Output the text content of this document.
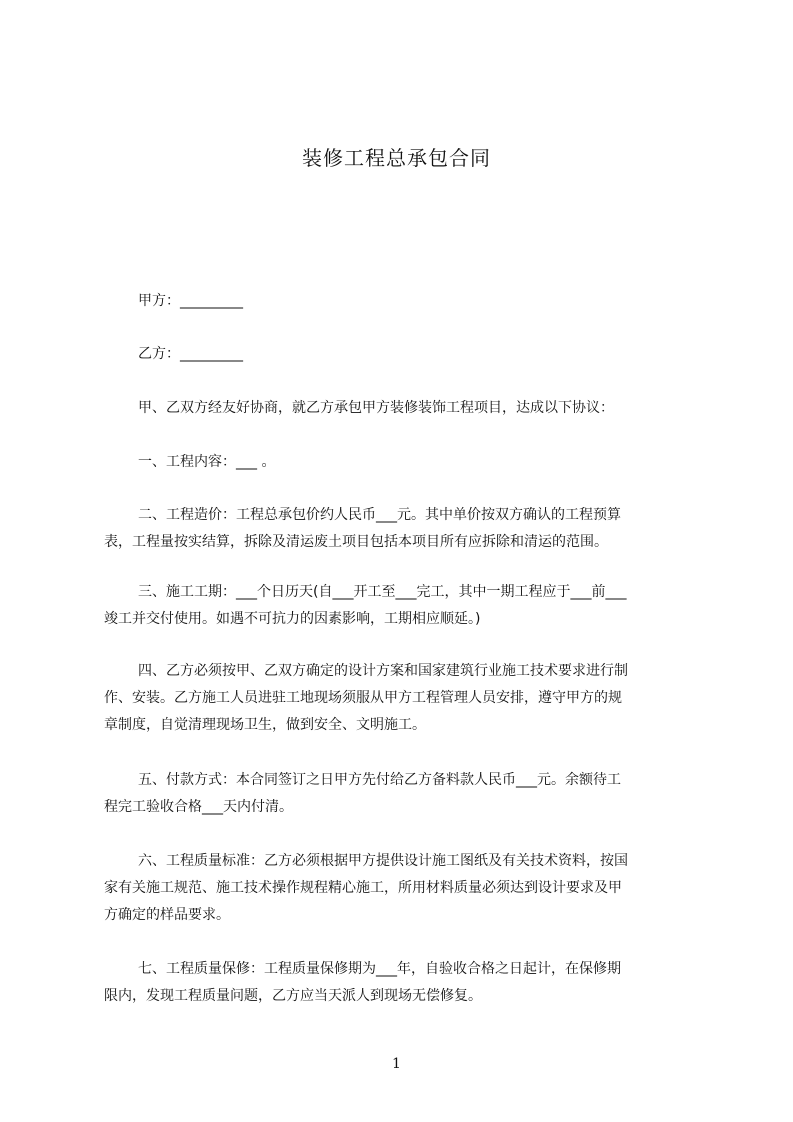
装修工程总承包合同
甲方：_________
乙方：_________
甲、乙双方经友好协商，就乙方承包甲方装修装饰工程项目，达成以下协议：
一、工程内容：___ 。

二、工程造价：工程总承包价约人民币___元。其中单价按双方确认的工程预算

表，工程量按实结算，拆除及清运废土项目包括本项目所有应拆除和清运的范围。

三、施工工期：___个日历天(自___开工至___完工，其中一期工程应于___前___

竣工并交付使用。如遇不可抗力的因素影响，工期相应顺延。)

四、乙方必须按甲、乙双方确定的设计方案和国家建筑行业施工技术要求进行制

作、安装。乙方施工人员进驻工地现场须服从甲方工程管理人员安排，遵守甲方的规

章制度，自觉清理现场卫生，做到安全、文明施工。

五、付款方式：本合同签订之日甲方先付给乙方备料款人民币___元。余额待工

程完工验收合格___天内付清。

六、工程质量标准：乙方必须根据甲方提供设计施工图纸及有关技术资料，按国

家有关施工规范、施工技术操作规程精心施工，所用材料质量必须达到设计要求及甲

方确定的样品要求。

七、工程质量保修：工程质量保修期为___年，自验收合格之日起计，在保修期

限内，发现工程质量问题，乙方应当天派人到现场无偿修复。

1
